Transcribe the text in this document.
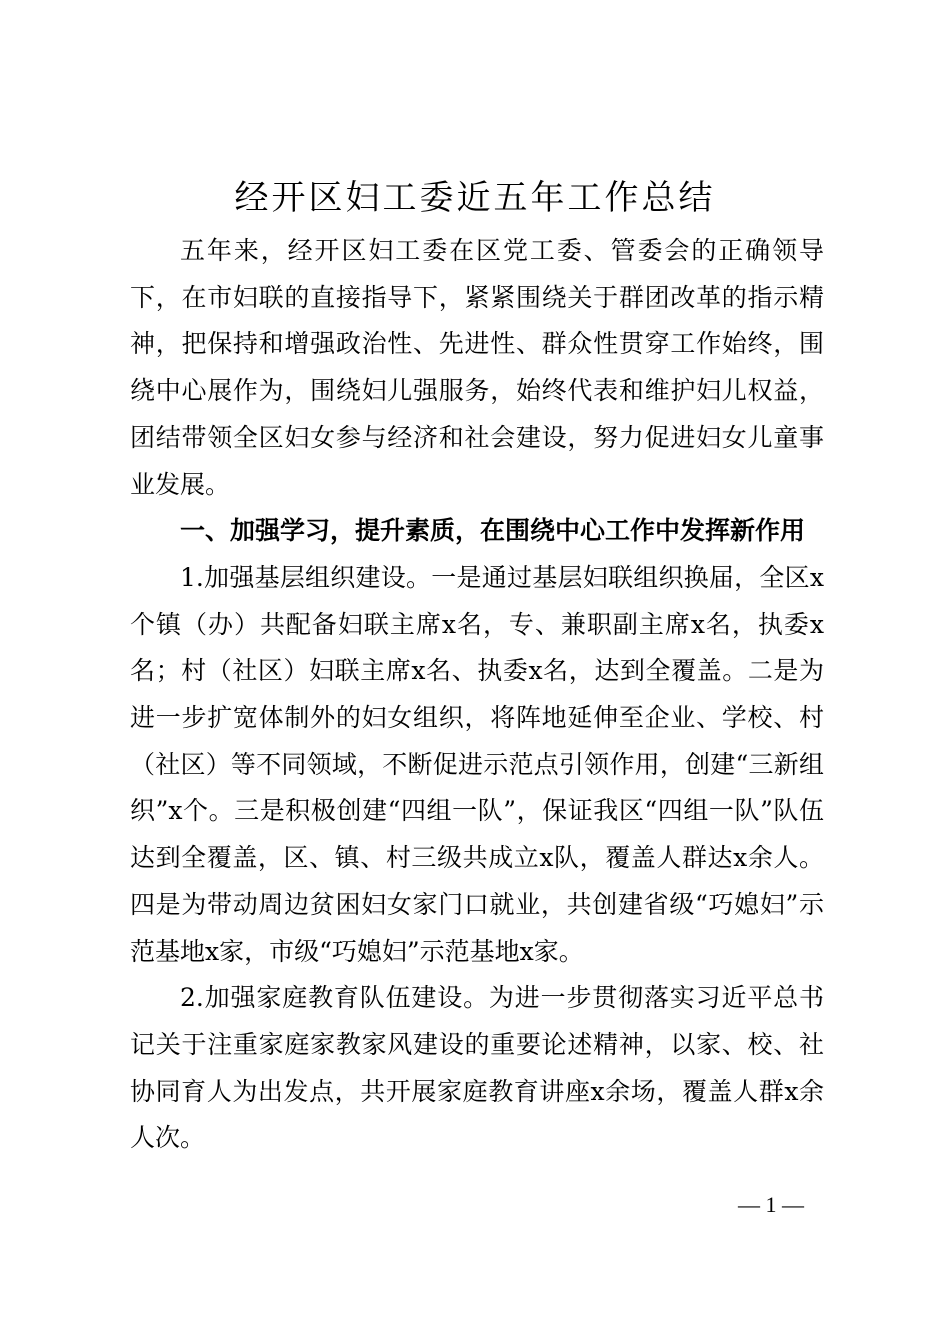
经开区妇工委近五年工作总结

五年来，经开区妇工委在区党工委、管委会的正确领导下，在市妇联的直接指导下，紧紧围绕关于群团改革的指示精神，把保持和增强政治性、先进性、群众性贯穿工作始终，围绕中心展作为，围绕妇儿强服务，始终代表和维护妇儿权益，团结带领全区妇女参与经济和社会建设，努力促进妇女儿童事业发展。

一、加强学习，提升素质，在围绕中心工作中发挥新作用

1.加强基层组织建设。一是通过基层妇联组织换届，全区x个镇（办）共配备妇联主席x名，专、兼职副主席x名，执委x名；村（社区）妇联主席x名、执委x名，达到全覆盖。二是为进一步扩宽体制外的妇女组织，将阵地延伸至企业、学校、村（社区）等不同领域，不断促进示范点引领作用，创建“三新组织”x个。三是积极创建“四组一队”，保证我区“四组一队”队伍达到全覆盖，区、镇、村三级共成立x队，覆盖人群达x余人。四是为带动周边贫困妇女家门口就业，共创建省级“巧媳妇”示范基地x家，市级“巧媳妇”示范基地x家。

2.加强家庭教育队伍建设。为进一步贯彻落实习近平总书记关于注重家庭家教家风建设的重要论述精神，以家、校、社协同育人为出发点，共开展家庭教育讲座x余场，覆盖人群x余人次。

— 1 —
